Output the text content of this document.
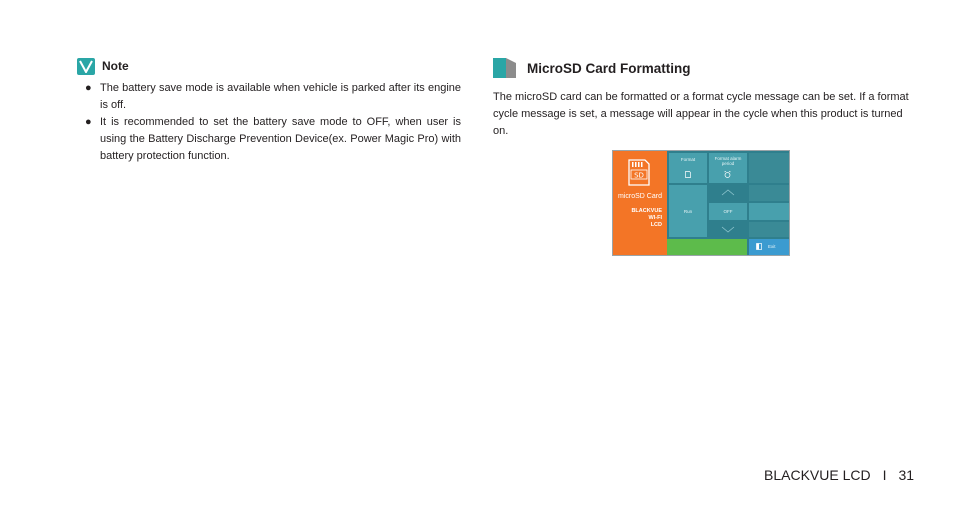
Note
● The battery save mode is available when vehicle is parked after its engine is off.
● It is recommended to set the battery save mode to OFF, when user is using the Battery Discharge Prevention Device(ex. Power Magic Pro) with battery protection function.
MicroSD Card Formatting

The microSD card can be formatted or a format cycle message can be set. If a format cycle message is set, a message will appear in the cycle when this product is turned on.

SD
microSD Card
BLACKVUE
WI-FI
LCD
Format	Format alarm period
Run	OFF
Exit
BLACKVUE LCD I 31
